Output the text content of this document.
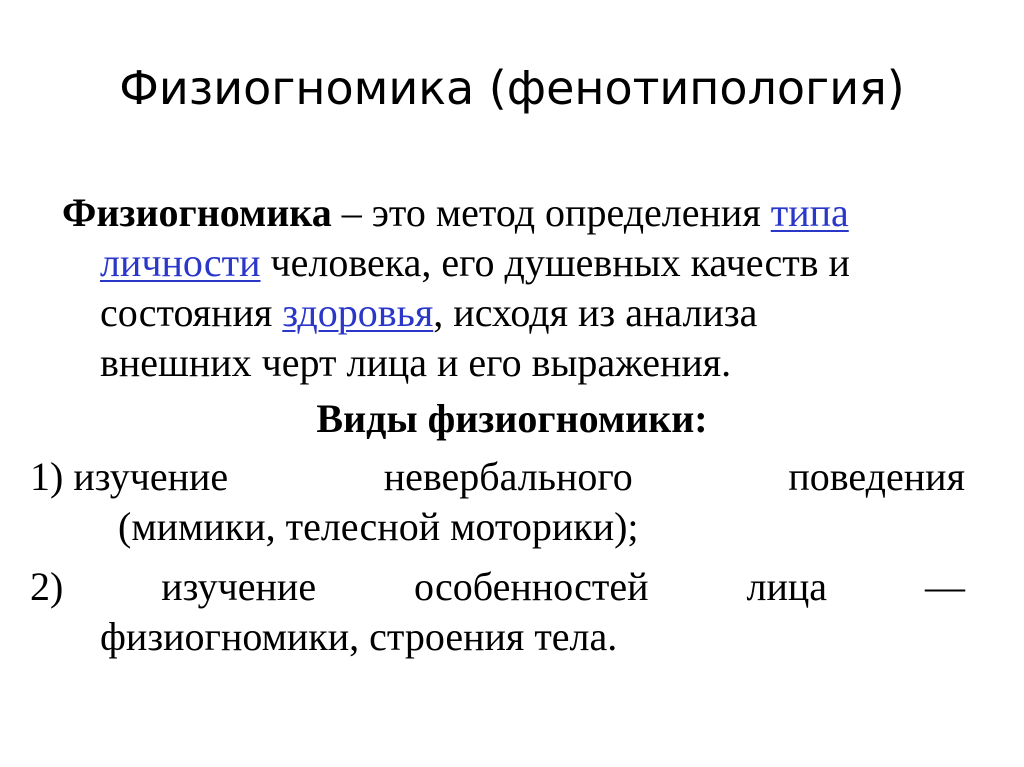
Физиогномика (фенотипология)
Физиогномика – это метод определения типа
личности человека, его душевных качеств и
состояния здоровья, исходя из анализа
внешних черт лица и его выражения.
Виды физиогномики:
1) изучение	невербального	поведения
(мимики, телесной моторики);
2) изучение особенностей лица —
физиогномики, строения тела.
